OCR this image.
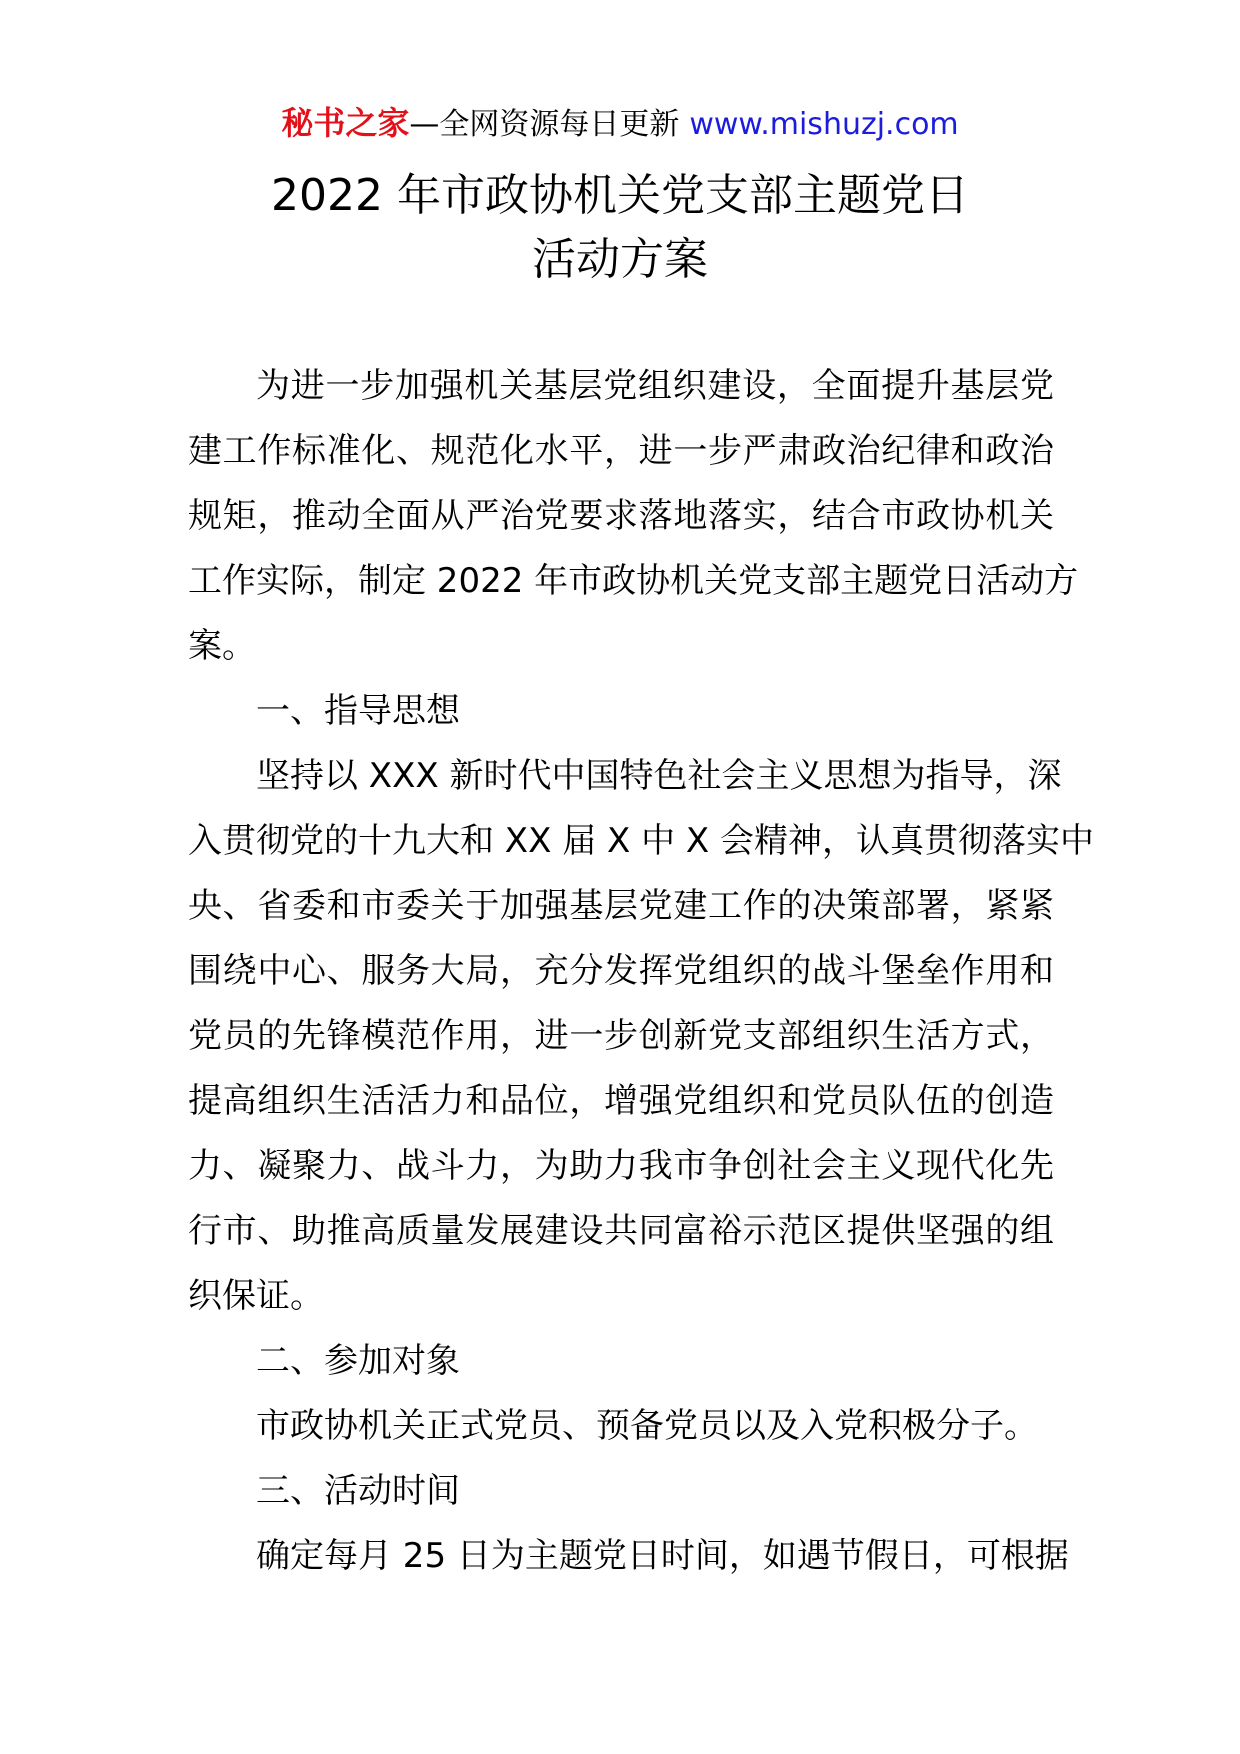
秘书之家—全网资源每日更新 www.mishuzj.com
2022 年市政协机关党支部主题党日
活动方案
为进一步加强机关基层党组织建设，全面提升基层党
建工作标准化、规范化水平，进一步严肃政治纪律和政治
规矩，推动全面从严治党要求落地落实，结合市政协机关
工作实际，制定 2022 年市政协机关党支部主题党日活动方
案。
一、指导思想
坚持以 XXX 新时代中国特色社会主义思想为指导，深
入贯彻党的十九大和 XX 届 X 中 X 会精神，认真贯彻落实中
央、省委和市委关于加强基层党建工作的决策部署，紧紧
围绕中心、服务大局，充分发挥党组织的战斗堡垒作用和
党员的先锋模范作用，进一步创新党支部组织生活方式，
提高组织生活活力和品位，增强党组织和党员队伍的创造
力、凝聚力、战斗力，为助力我市争创社会主义现代化先
行市、助推高质量发展建设共同富裕示范区提供坚强的组
织保证。
二、参加对象
市政协机关正式党员、预备党员以及入党积极分子。
三、活动时间
确定每月 25 日为主题党日时间，如遇节假日，可根据
